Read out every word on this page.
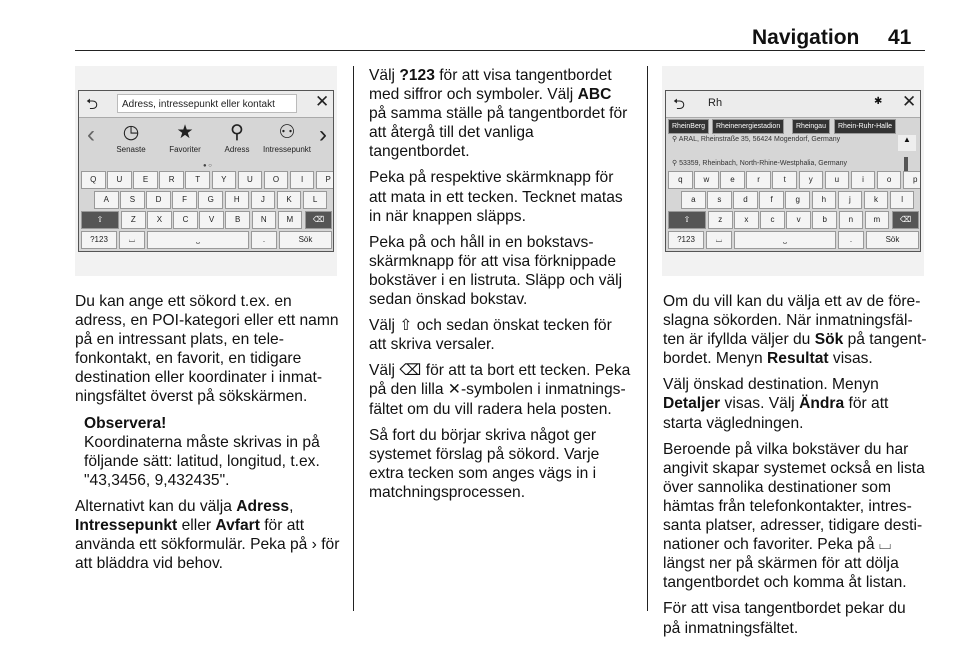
Navigation 41
⮌	Adress, intressepunkt eller kontakt	✕
‹	◷
Senaste
★
Favoriter
⚲
Adress
⚇
Intressepunkt
›
● ○
Q	U	E	R	T	Y	U	O	I	P
A	S	D	F	G	H	J	K	L
⇧	Z	X	C	V	B	N	M	⌫
?123	⌴	⎵	.	Sök

Du kan ange ett sökord t.ex. en adress, en POI-kategori eller ett namn på en intressant plats, en telefonkontakt, en favorit, en tidigare destination eller koordinater i inmatningsfältet överst på sökskärmen.

Observera!

Koordinaterna måste skrivas in på följande sätt: latitud, longitud, t.ex. "43,3456, 9,432435".

Alternativt kan du välja Adress, Intressepunkt eller Avfart för att använda ett sökformulär. Peka på › för att bläddra vid behov.

Välj ?123 för att visa tangentbordet med siffror och symboler. Välj ABC på samma ställe på tangentbordet för att återgå till det vanliga tangentbordet.

Peka på respektive skärmknapp för att mata in ett tecken. Tecknet matas in när knappen släpps.

Peka på och håll in en bokstavsskärmknapp för att visa förknippade bokstäver i en listruta. Släpp och välj sedan önskad bokstav.

Välj ⇧ och sedan önskat tecken för att skriva versaler.

Välj ⌫ för att ta bort ett tecken. Peka på den lilla ✕-symbolen i inmatningsfältet om du vill radera hela posten.

Så fort du börjar skriva något ger systemet förslag på sökord. Varje extra tecken som anges vägs in i matchningsprocessen.

⮌	Rh	✱ ✕
RheinBerg	Rheinenergiestadion	Rheingau	Rhein-Ruhr-Halle
⚲ ARAL, Rheinstraße 35, 56424 Mogendorf, Germany
⚲ 53359, Rheinbach, North-Rhine-Westphalia, Germany
▲
q	w	e	r	t	y	u	i	o	p
a	s	d	f	g	h	j	k	l
⇧	z	x	c	v	b	n	m	⌫
?123	⌴	⎵	.	Sök

Om du vill kan du välja ett av de föreslagna sökorden. När inmatningsfälten är ifyllda väljer du Sök på tangentbordet. Menyn Resultat visas.

Välj önskad destination. Menyn Detaljer visas. Välj Ändra för att starta vägledningen.

Beroende på vilka bokstäver du har angivit skapar systemet också en lista över sannolika destinationer som hämtas från telefonkontakter, intressanta platser, adresser, tidigare destinationer och favoriter. Peka på ⌴ längst ner på skärmen för att dölja tangentbordet och komma åt listan.

För att visa tangentbordet pekar du på inmatningsfältet.
